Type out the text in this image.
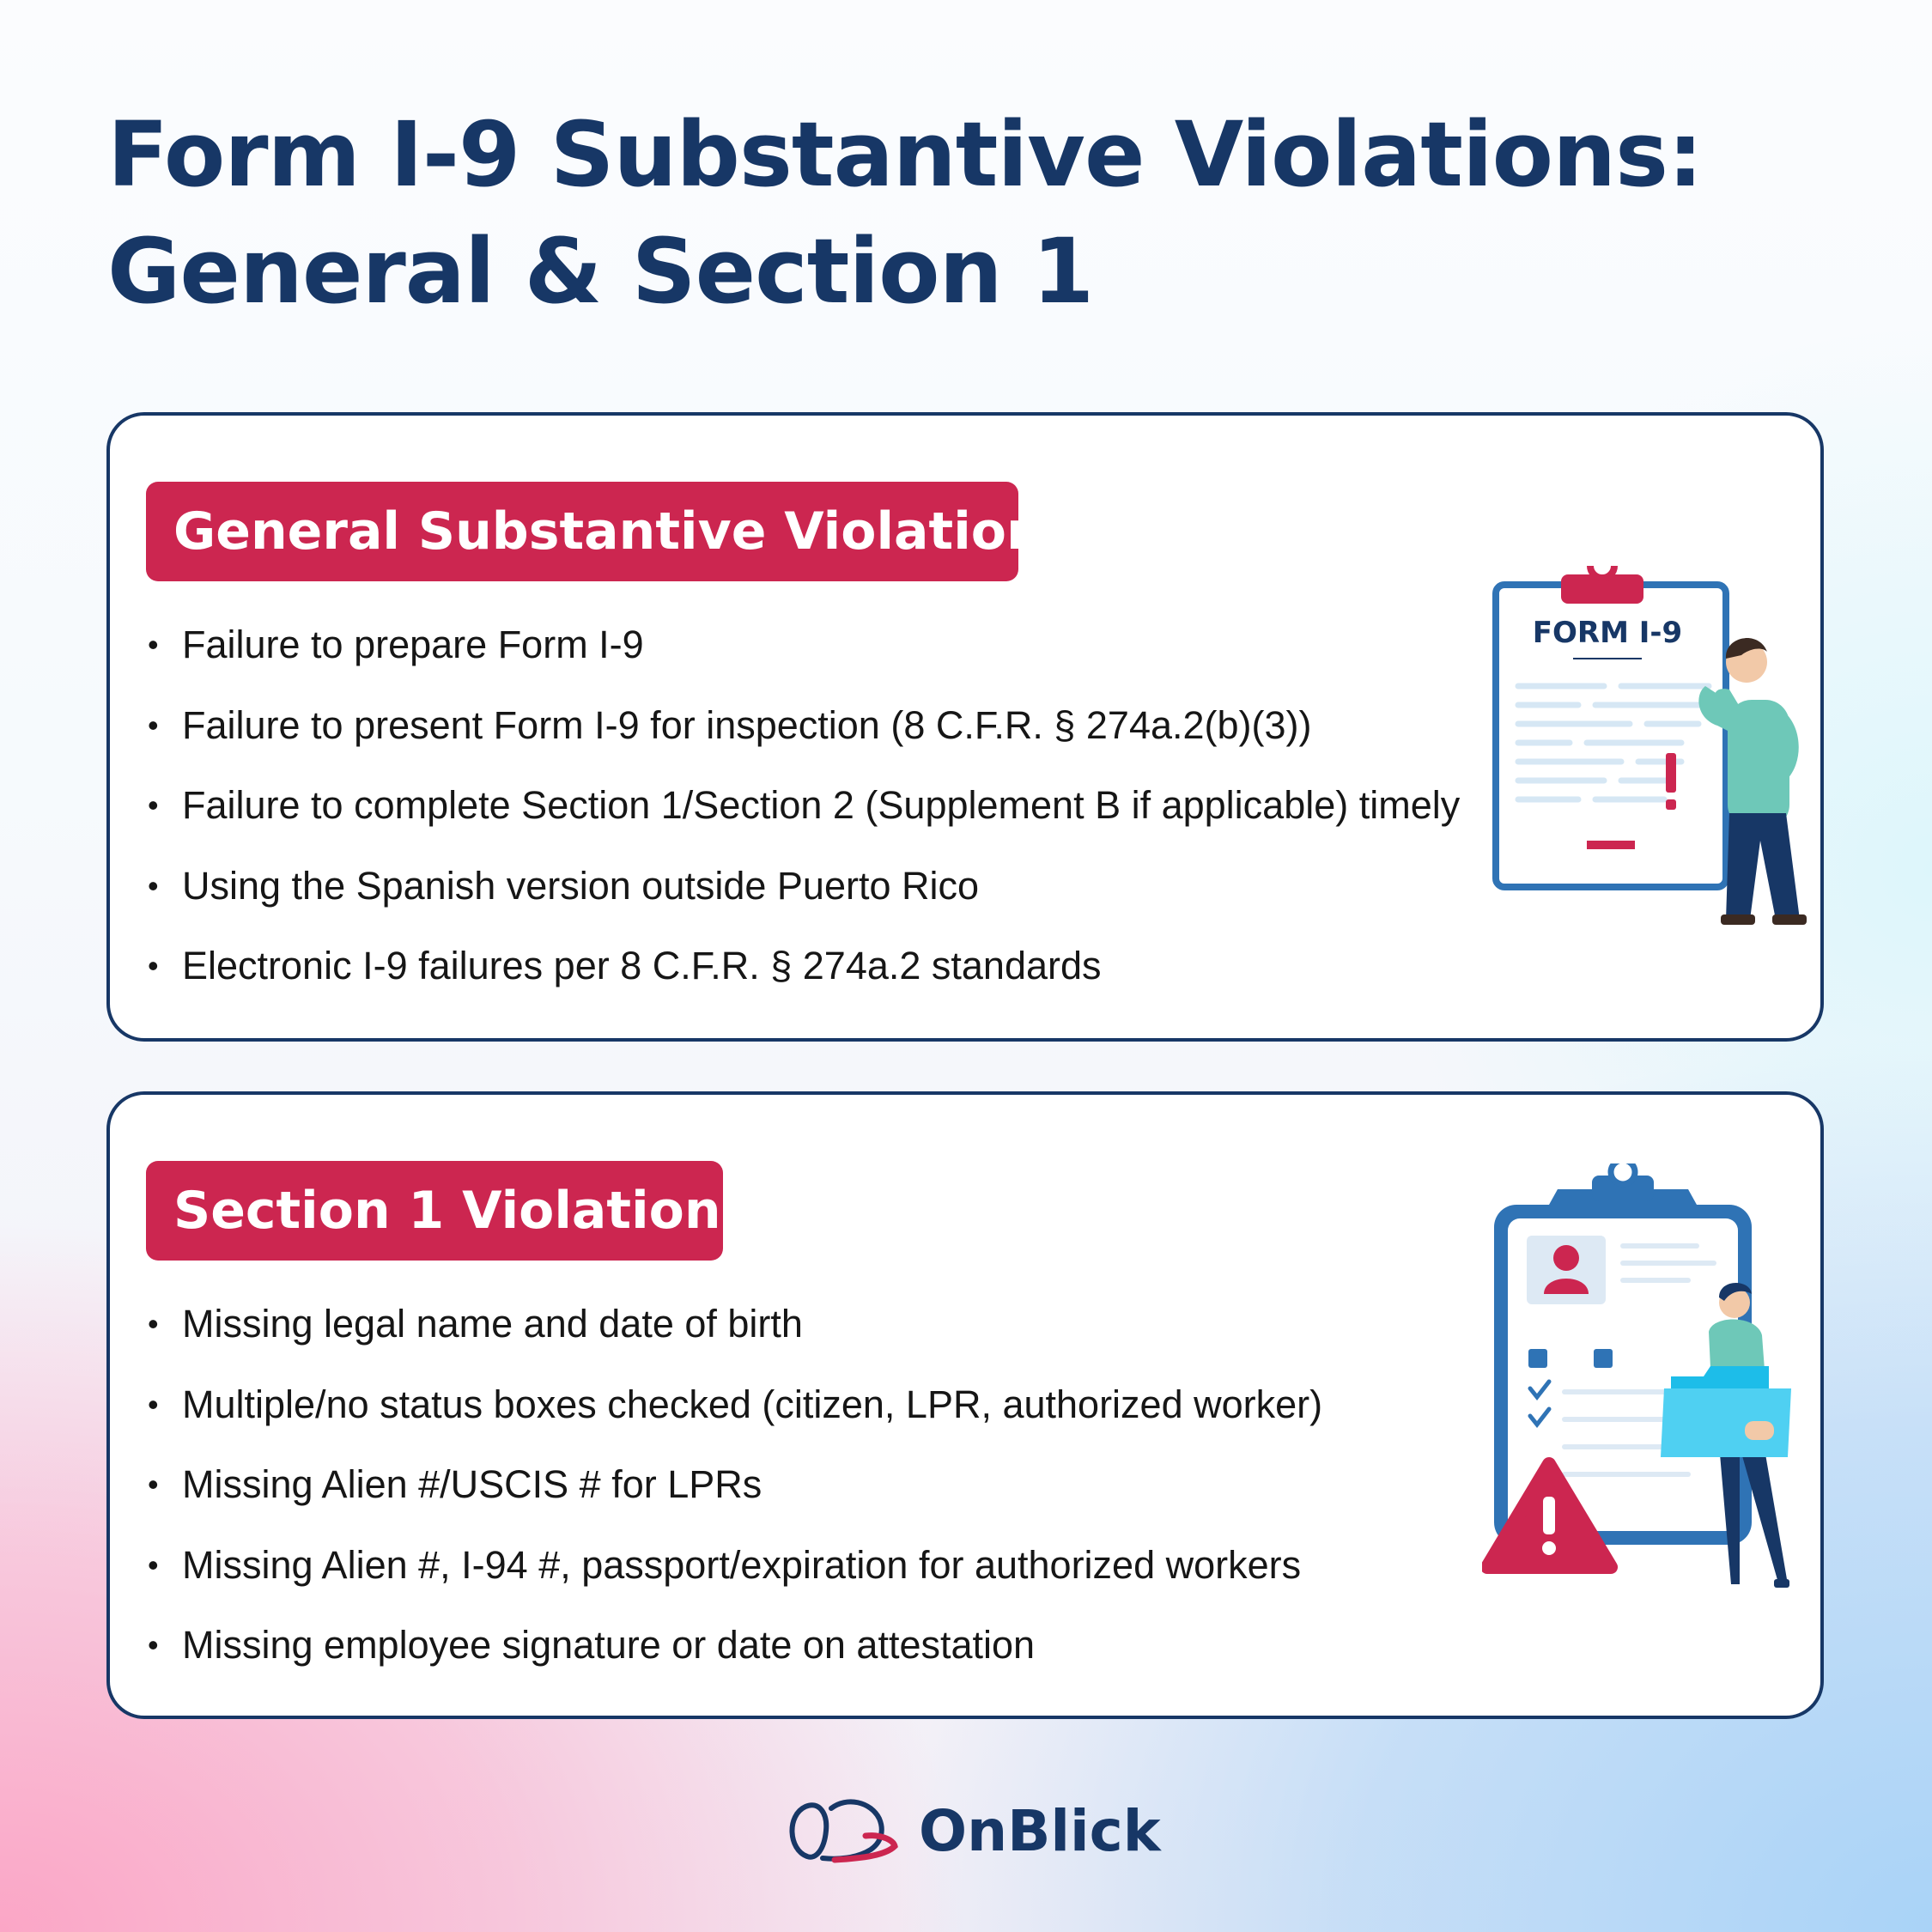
Form I-9 Substantive Violations:
General & Section 1
General Substantive Violations
• Failure to prepare Form I-9
• Failure to present Form I-9 for inspection (8 C.F.R. § 274a.2(b)(3))
• Failure to complete Section 1/Section 2 (Supplement B if applicable) timely
• Using the Spanish version outside Puerto Rico
• Electronic I-9 failures per 8 C.F.R. § 274a.2 standards
FORM I-9
Section 1 Violations
• Missing legal name and date of birth
• Multiple/no status boxes checked (citizen, LPR, authorized worker)
• Missing Alien #/USCIS # for LPRs
• Missing Alien #, I-94 #, passport/expiration for authorized workers
• Missing employee signature or date on attestation
OnBlick
